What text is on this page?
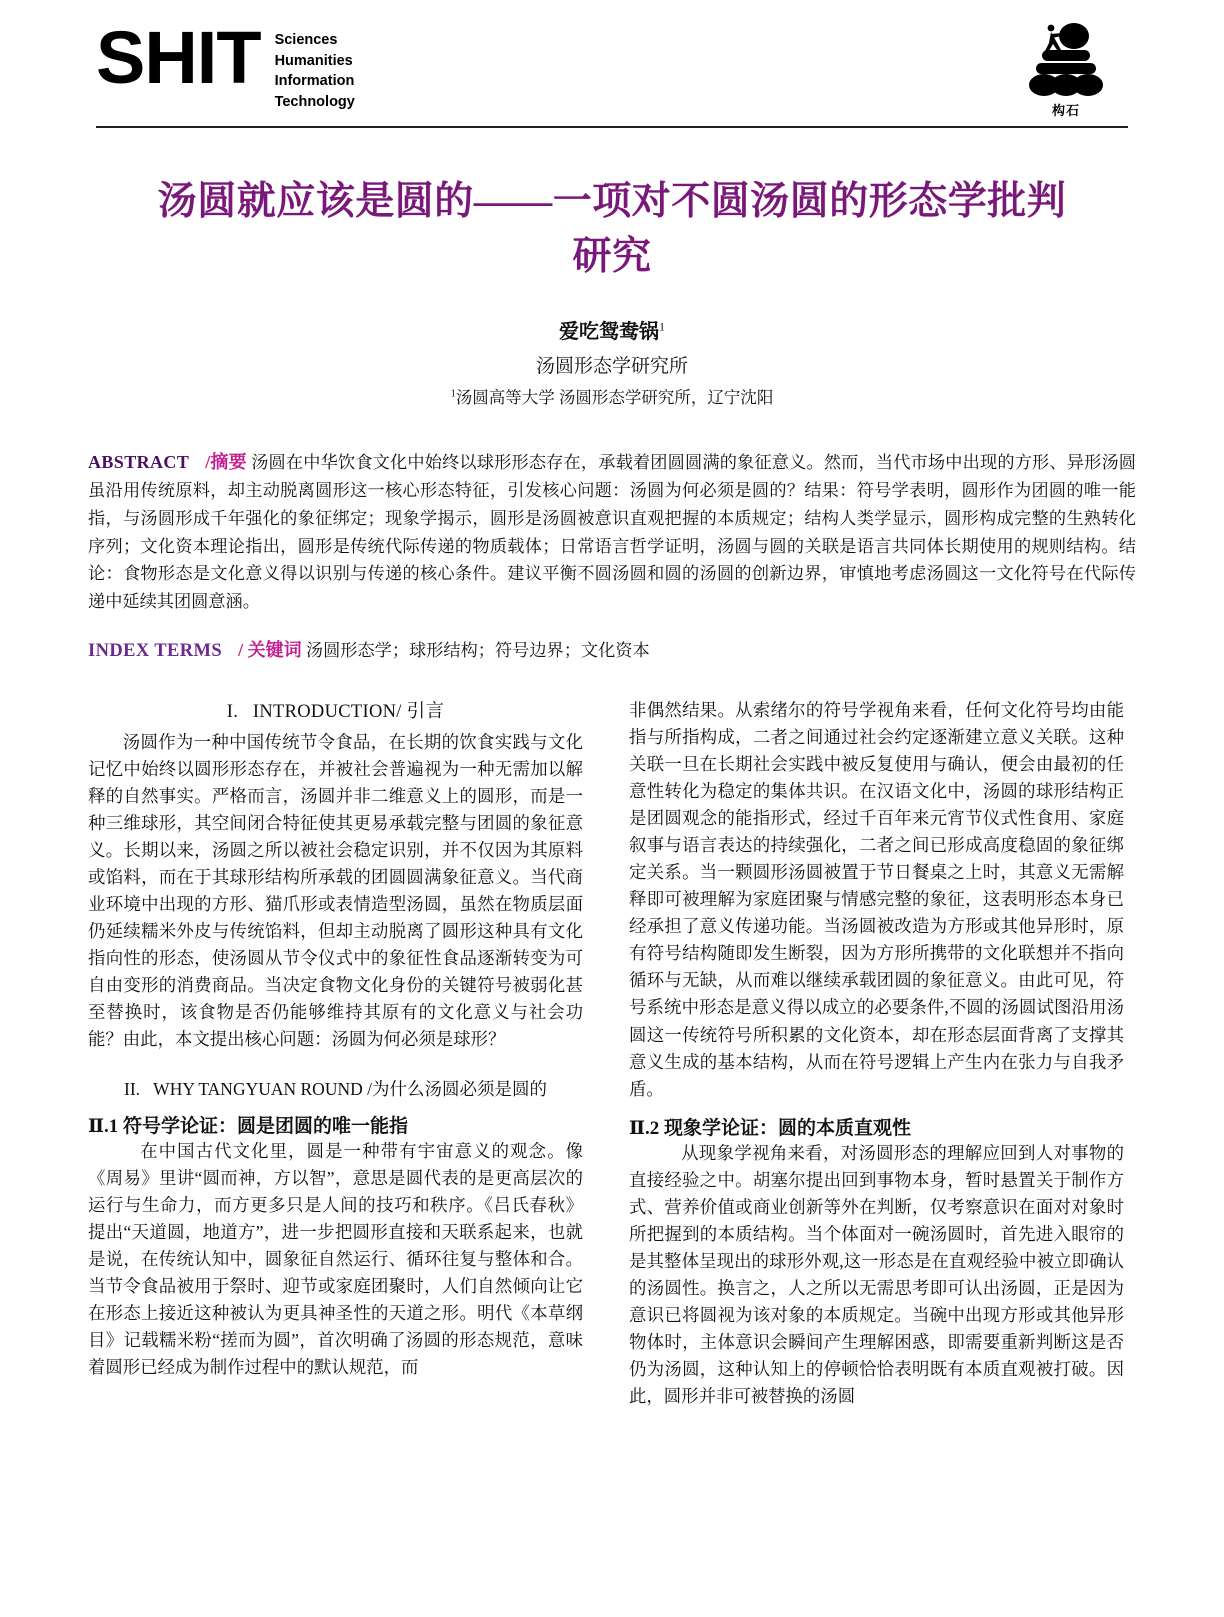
SHIT Sciences
Humanities
Information
Technology
构石
汤圆就应该是圆的——一项对不圆汤圆的形态学批判研究
爱吃鸳鸯锅$^1$
汤圆形态学研究所
$^1$汤圆高等大学 汤圆形态学研究所，辽宁沈阳
ABSTRACT /摘要 汤圆在中华饮食文化中始终以球形形态存在，承载着团圆圆满的象征意义。然而，当代市场中出现的方形、异形汤圆虽沿用传统原料，却主动脱离圆形这一核心形态特征，引发核心问题：汤圆为何必须是圆的？结果：符号学表明，圆形作为团圆的唯一能指，与汤圆形成千年强化的象征绑定；现象学揭示，圆形是汤圆被意识直观把握的本质规定；结构人类学显示，圆形构成完整的生熟转化序列；文化资本理论指出，圆形是传统代际传递的物质载体；日常语言哲学证明，汤圆与圆的关联是语言共同体长期使用的规则结构。结论：食物形态是文化意义得以识别与传递的核心条件。建议平衡不圆汤圆和圆的汤圆的创新边界，审慎地考虑汤圆这一文化符号在代际传递中延续其团圆意涵。
INDEX TERMS / 关键词 汤圆形态学；球形结构；符号边界；文化资本
I. INTRODUCTION/ 引言

汤圆作为一种中国传统节令食品，在长期的饮食实践与文化记忆中始终以圆形形态存在，并被社会普遍视为一种无需加以解释的自然事实。严格而言，汤圆并非二维意义上的圆形，而是一种三维球形，其空间闭合特征使其更易承载完整与团圆的象征意义。长期以来，汤圆之所以被社会稳定识别，并不仅因为其原料或馅料，而在于其球形结构所承载的团圆圆满象征意义。当代商业环境中出现的方形、猫爪形或表情造型汤圆，虽然在物质层面仍延续糯米外皮与传统馅料，但却主动脱离了圆形这种具有文化指向性的形态，使汤圆从节令仪式中的象征性食品逐渐转变为可自由变形的消费商品。当决定食物文化身份的关键符号被弱化甚至替换时，该食物是否仍能够维持其原有的文化意义与社会功能？由此，本文提出核心问题：汤圆为何必须是球形？

II. WHY TANGYUAN ROUND /为什么汤圆必须是圆的
Ⅱ.1 符号学论证：圆是团圆的唯一能指

在中国古代文化里，圆是一种带有宇宙意义的观念。像《周易》里讲“圆而神，方以智”，意思是圆代表的是更高层次的运行与生命力，而方更多只是人间的技巧和秩序。《吕氏春秋》提出“天道圆，地道方”，进一步把圆形直接和天联系起来，也就是说，在传统认知中，圆象征自然运行、循环往复与整体和合。当节令食品被用于祭时、迎节或家庭团聚时，人们自然倾向让它在形态上接近这种被认为更具神圣性的天道之形。明代《本草纲目》记载糯米粉“搓而为圆”，首次明确了汤圆的形态规范，意味着圆形已经成为制作过程中的默认规范，而

非偶然结果。从索绪尔的符号学视角来看，任何文化符号均由能指与所指构成，二者之间通过社会约定逐渐建立意义关联。这种关联一旦在长期社会实践中被反复使用与确认，便会由最初的任意性转化为稳定的集体共识。在汉语文化中，汤圆的球形结构正是团圆观念的能指形式，经过千百年来元宵节仪式性食用、家庭叙事与语言表达的持续强化，二者之间已形成高度稳固的象征绑定关系。当一颗圆形汤圆被置于节日餐桌之上时，其意义无需解释即可被理解为家庭团聚与情感完整的象征，这表明形态本身已经承担了意义传递功能。当汤圆被改造为方形或其他异形时，原有符号结构随即发生断裂，因为方形所携带的文化联想并不指向循环与无缺，从而难以继续承载团圆的象征意义。由此可见，符号系统中形态是意义得以成立的必要条件,不圆的汤圆试图沿用汤圆这一传统符号所积累的文化资本，却在形态层面背离了支撑其意义生成的基本结构，从而在符号逻辑上产生内在张力与自我矛盾。

Ⅱ.2 现象学论证：圆的本质直观性

从现象学视角来看，对汤圆形态的理解应回到人对事物的直接经验之中。胡塞尔提出回到事物本身，暂时悬置关于制作方式、营养价值或商业创新等外在判断，仅考察意识在面对对象时所把握到的本质结构。当个体面对一碗汤圆时，首先进入眼帘的是其整体呈现出的球形外观,这一形态是在直观经验中被立即确认的汤圆性。换言之，人之所以无需思考即可认出汤圆，正是因为意识已将圆视为该对象的本质规定。当碗中出现方形或其他异形物体时，主体意识会瞬间产生理解困惑，即需要重新判断这是否仍为汤圆，这种认知上的停顿恰恰表明既有本质直观被打破。因此，圆形并非可被替换的汤圆
